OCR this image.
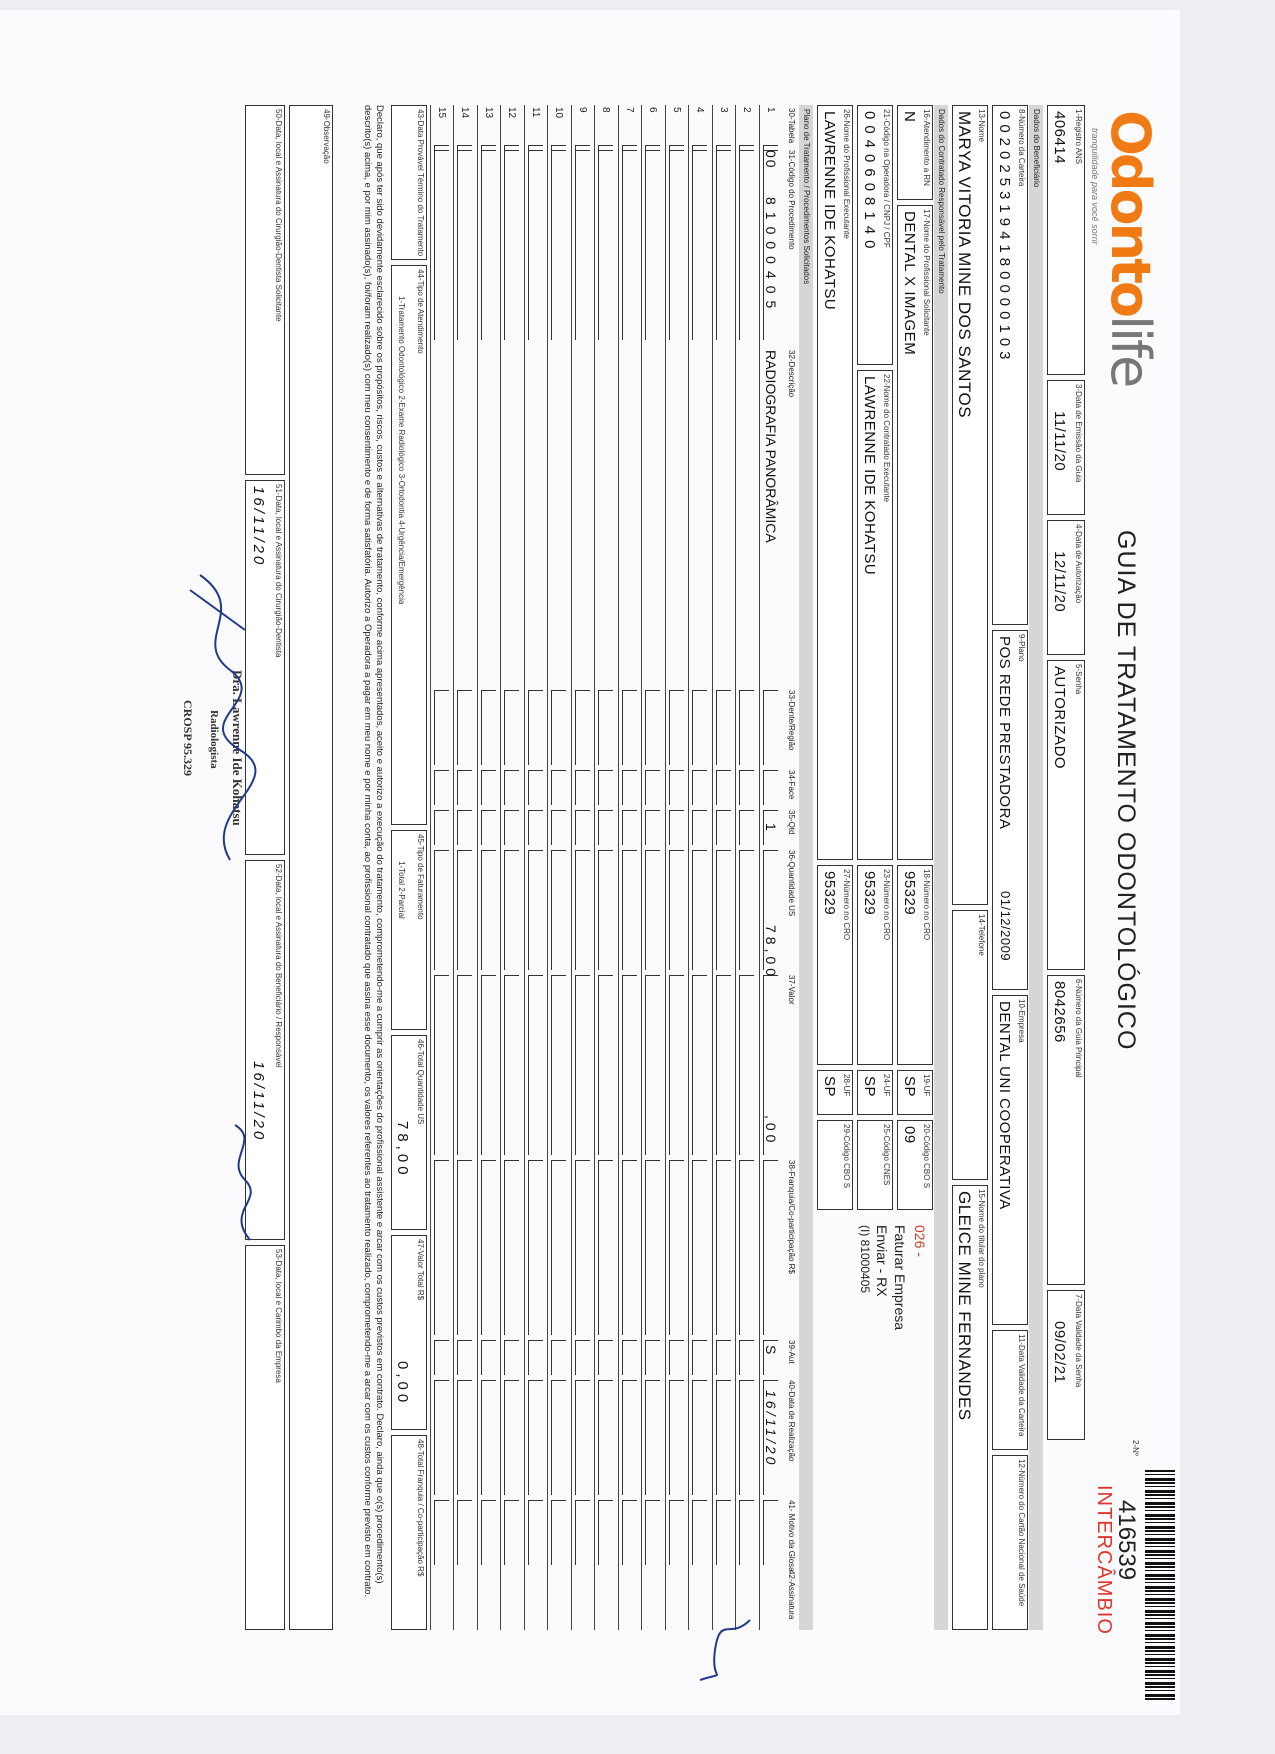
Odontolife
tranquilidade para você sorrir
GUIA DE TRATAMENTO ODONTOLÓGICO
2-Nº
416539
INTERCÂMBIO
1-Registro ANS
406414
3-Data de Emissão da Guia
11/11/20
4-Data de Autorização
12/11/20
5-Senha
AUTORIZADO
6-Número da Guia Principal
8042656
7-Data Validade da Senha
09/02/21
Dados do Beneficiário
8-Número da Carteira
0020253194180000103
9-Plano
POS REDE PRESTADORA
01/12/2009
10-Empresa
DENTAL UNI COOPERATIVA
11-Data Validade da Carteira
12-Número do Cartão Nacional de Saúde
13-Nome
MARYA VITORIA MINE DOS SANTOS
14-Telefone
15-Nome do titular do plano
GLEICE MINE FERNANDES
Dados do Contratado Responsável pelo Tratamento
16-Atendimento a RN
N
17-Nome do Profissional Solicitante
DENTAL X IMAGEM
18-Número no CRO
95329
19-UF
SP
20-Código CBO S
09
21-Código na Operadora / CNPJ / CPF
0040608140
22-Nome do Contratado Executante
LAWRENNE IDE KOHATSU
23-Número no CRO
95329
24-UF
SP
25-Código CNES
26-Nome do Profissional Executante
LAWRENNE IDE KOHATSU
27-Número no CRO
95329
28-UF
SP
29-Código CBO S
026 -
Faturar Empresa
Enviar - RX
(I) 81000405
Plano de Tratamento / Procedimentos Solicitados
30-Tabela
31-Código do Procedimento
32-Descrição
33-Dente/Região
34-Face
35-Qtd
36-Quantidade US
37-Valor
38-Franquia/Co-participação R$
39-Aut
40-Data de Realização
41- Motivo da Glosa
42-Assinatura
1
00
81000405
RADIOGRAFIA PANORÂMICA
1
78,00
,00
S
16/11/20
2
3
4
5
6
7
8
9
10
11
12
13
14
15
43-Data Provável Término do Tratamento
44-Tipo de Atendimento
1-Tratamento Odontológico 2-Exame Radiológico 3-Ortodontia 4-Urgência/Emergência
45-Tipo de Faturamento
1-Total 2-Parcial
46-Total Quantidade US
78,00
47-Valor Total R$
0,00
48-Total Franquia / Co-participação R$
Declaro, que após ter sido devidamente esclarecido sobre os propósitos, riscos, custos e alternativas de tratamento, conforme acima apresentados, aceito e autorizo a execução do tratamento, comprometendo-me a cumprir as orientações do profissional assistente e arcar com os custos previstos em contrato. Declaro, ainda que o(s) procedimento(s) descrito(s) acima, e por mim assinado(s), foi/foram realizado(s) com meu consentimento e de forma satisfatória. Autorizo a Operadora a pagar em meu nome e por minha conta, ao profissional contratado que assina esse documento, os valores referentes ao tratamento realizado, comprometendo-me a arcar com os custos conforme previsto em contrato.
49-Observação
50-Data, local e Assinatura do Cirurgião-Dentista Solicitante
51-Data, local e Assinatura do Cirurgião-Dentista
16/11/20
52-Data, local e Assinatura do Beneficiário / Responsável
16/11/20
53-Data, local e Carimbo da Empresa
Dra. Lawrenne Ide Kohatsu
Radiologista
CROSP 95.329
